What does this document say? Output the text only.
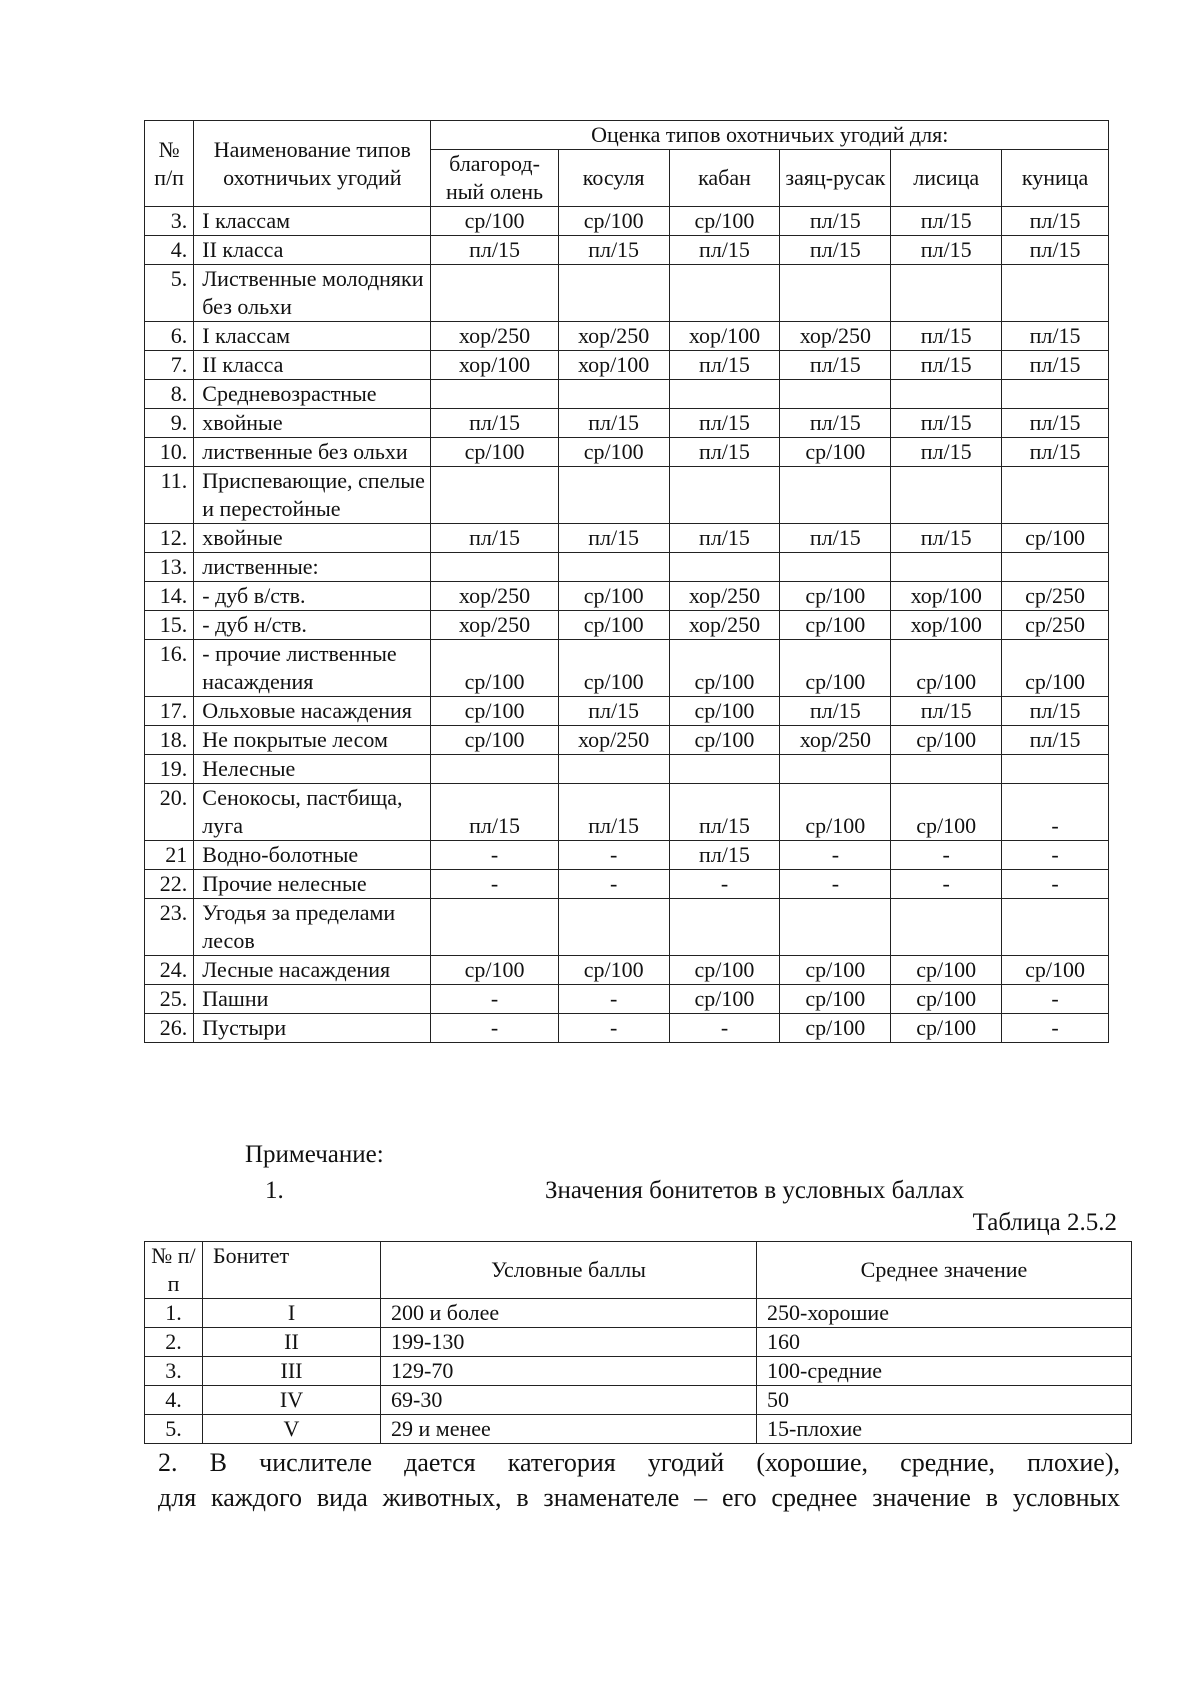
№ п/п	Наименование типов охотничьих угодий	Оценка типов охотничьих угодий для:					
		благород-ный олень	косуля	кабан	заяц-русак	лисица	куница
3.	I классам	ср/100	ср/100	ср/100	пл/15	пл/15	пл/15
4.	II класса	пл/15	пл/15	пл/15	пл/15	пл/15	пл/15
5.	Лиственные молодняки без ольхи						
6.	I классам	хор/250	хор/250	хор/100	хор/250	пл/15	пл/15
7.	II класса	хор/100	хор/100	пл/15	пл/15	пл/15	пл/15
8.	Средневозрастные						
9.	хвойные	пл/15	пл/15	пл/15	пл/15	пл/15	пл/15
10.	лиственные без ольхи	ср/100	ср/100	пл/15	ср/100	пл/15	пл/15
11.	Приспевающие, спелые и перестойные						
12.	хвойные	пл/15	пл/15	пл/15	пл/15	пл/15	ср/100
13.	лиственные:						
14.	- дуб в/ств.	хор/250	ср/100	хор/250	ср/100	хор/100	ср/250
15.	- дуб н/ств.	хор/250	ср/100	хор/250	ср/100	хор/100	ср/250
16.	- прочие лиственные насаждения	ср/100	ср/100	ср/100	ср/100	ср/100	ср/100
17.	Ольховые насаждения	ср/100	пл/15	ср/100	пл/15	пл/15	пл/15
18.	Не покрытые лесом	ср/100	хор/250	ср/100	хор/250	ср/100	пл/15
19.	Нелесные						
20.	Сенокосы, пастбища, луга	пл/15	пл/15	пл/15	ср/100	ср/100	-
21	Водно-болотные	-	-	пл/15	-	-	-
22.	Прочие нелесные	-	-	-	-	-	-
23.	Угодья за пределами лесов						
24.	Лесные насаждения	ср/100	ср/100	ср/100	ср/100	ср/100	ср/100
25.	Пашни	-	-	ср/100	ср/100	ср/100	-
26.	Пустыри	-	-	-	ср/100	ср/100	-

Примечание:

1.	Значения бонитетов в условных баллах

Таблица 2.5.2

№ п/п	Бонитет	Условные баллы	Среднее значение
1.	I	200 и более	250-хорошие
2.	II	199-130	160
3.	III	129-70	100-средние
4.	IV	69-30	50
5.	V	29 и менее	15-плохие

2. В числителе дается категория угодий (хорошие, средние, плохие),

для каждого вида животных, в знаменателе – его среднее значение в условных
